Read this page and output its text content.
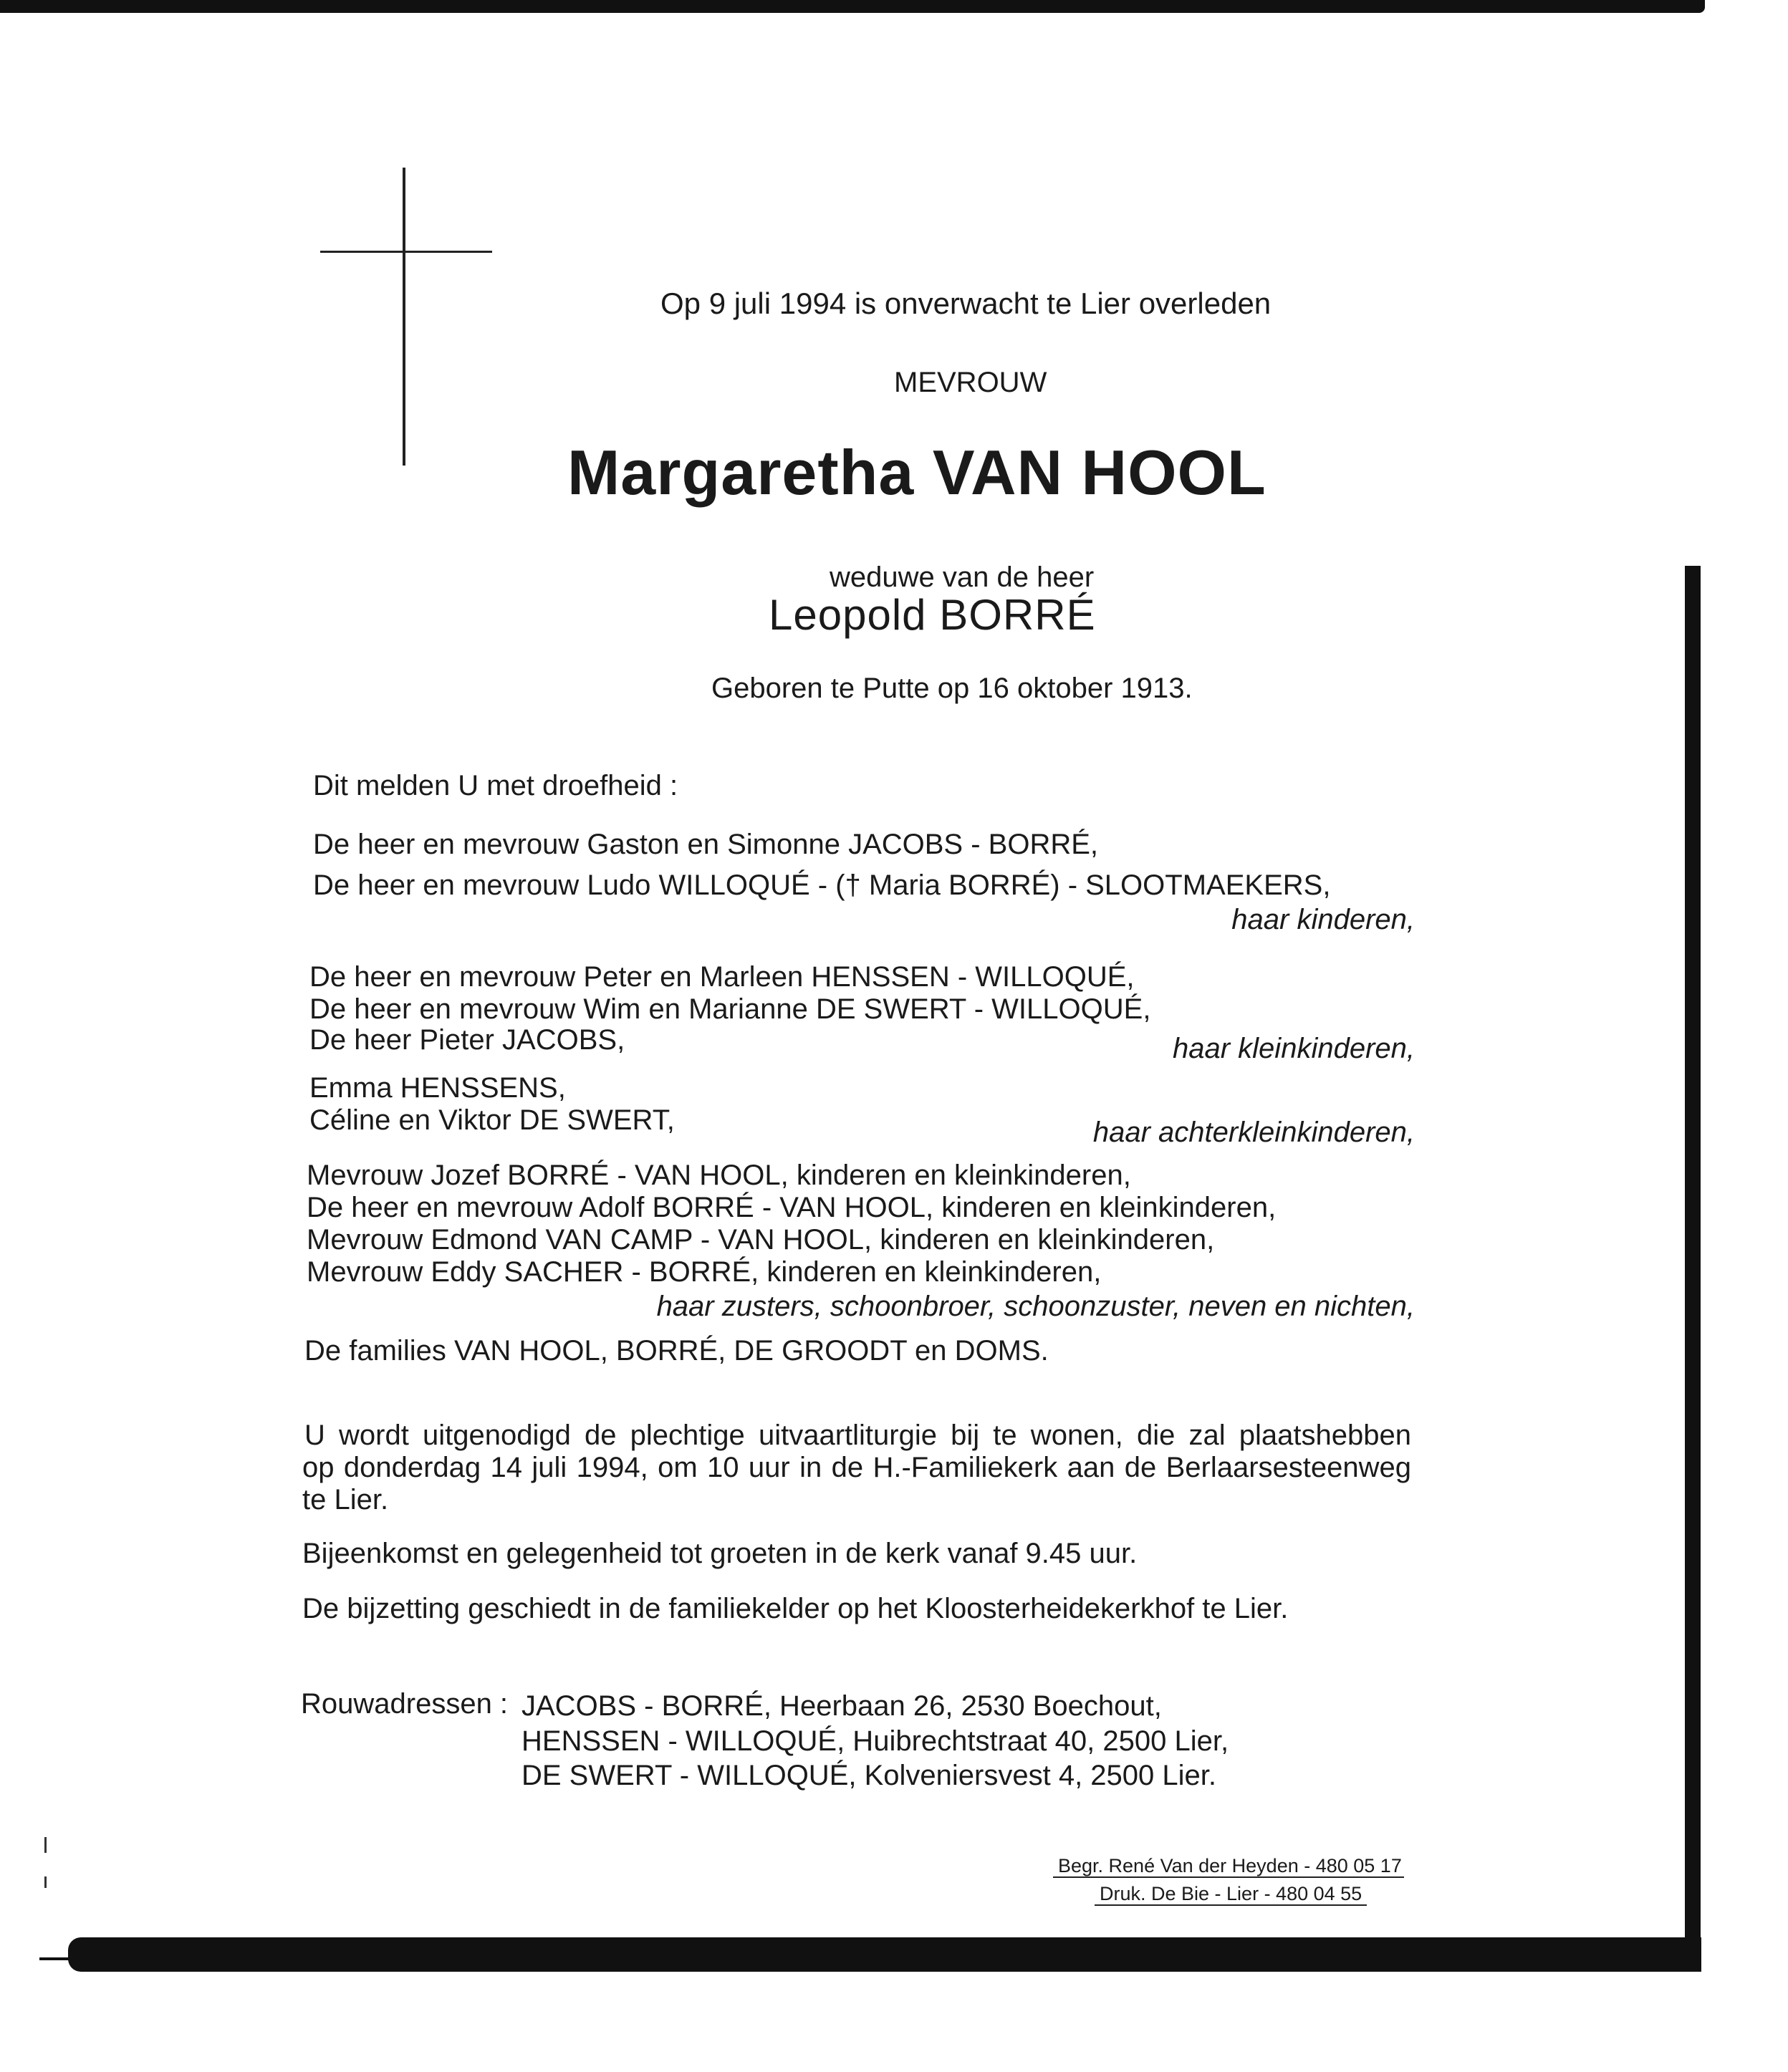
Op 9 juli 1994 is onverwacht te Lier overleden
MEVROUW
Margaretha VAN HOOL
weduwe van de heer
Leopold BORRÉ
Geboren te Putte op 16 oktober 1913.
Dit melden U met droefheid :
De heer en mevrouw Gaston en Simonne JACOBS - BORRÉ,
De heer en mevrouw Ludo WILLOQUÉ - († Maria BORRÉ) - SLOOTMAEKERS,
haar kinderen,
De heer en mevrouw Peter en Marleen HENSSEN - WILLOQUÉ,
De heer en mevrouw Wim en Marianne DE SWERT - WILLOQUÉ,
De heer Pieter JACOBS,	haar kleinkinderen,
Emma HENSSENS,
Céline en Viktor DE SWERT,	haar achterkleinkinderen,
Mevrouw Jozef BORRÉ - VAN HOOL, kinderen en kleinkinderen,
De heer en mevrouw Adolf BORRÉ - VAN HOOL, kinderen en kleinkinderen,
Mevrouw Edmond VAN CAMP - VAN HOOL, kinderen en kleinkinderen,
Mevrouw Eddy SACHER - BORRÉ, kinderen en kleinkinderen,
haar zusters, schoonbroer, schoonzuster, neven en nichten,
De families VAN HOOL, BORRÉ, DE GROODT en DOMS.
U wordt uitgenodigd de plechtige uitvaartliturgie bij te wonen, die zal plaatshebben
op donderdag 14 juli 1994, om 10 uur in de H.-Familiekerk aan de Berlaarsesteenweg
te Lier.
Bijeenkomst en gelegenheid tot groeten in de kerk vanaf 9.45 uur.
De bijzetting geschiedt in de familiekelder op het Kloosterheidekerkhof te Lier.
Rouwadressen : JACOBS - BORRÉ, Heerbaan 26, 2530 Boechout,
HENSSEN - WILLOQUÉ, Huibrechtstraat 40, 2500 Lier,
DE SWERT - WILLOQUÉ, Kolveniersvest 4, 2500 Lier.
Begr. René Van der Heyden - 480 05 17
Druk. De Bie - Lier - 480 04 55
